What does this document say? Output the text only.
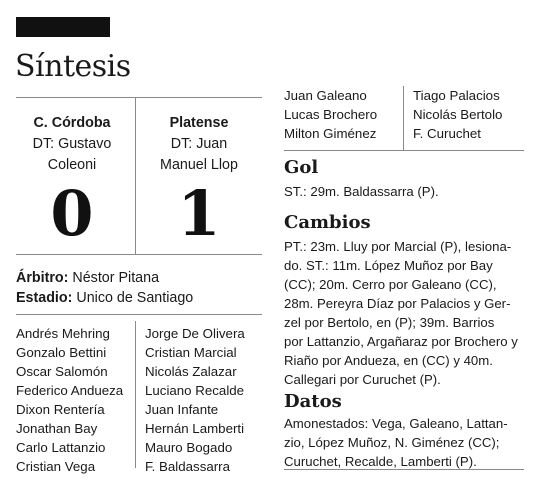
Síntesis
C. Córdoba
DT: Gustavo
Coleoni
Platense
DT: Juan
Manuel Llop
0	1
Árbitro: Néstor Pitana
Estadio: Unico de Santiago
Andrés Mehring
Gonzalo Bettini
Oscar Salomón
Federico Andueza
Dixon Rentería
Jonathan Bay
Carlo Lattanzio
Cristian Vega
Jorge De Olivera
Cristian Marcial
Nicolás Zalazar
Luciano Recalde
Juan Infante
Hernán Lamberti
Mauro Bogado
F. Baldassarra
Juan Galeano
Lucas Brochero
Milton Giménez
Tiago Palacios
Nicolás Bertolo
F. Curuchet
Gol

ST.: 29m. Baldassarra (P).

Cambios

PT.: 23m. Lluy por Marcial (P), lesiona-
do. ST.: 11m. López Muñoz por Bay
(CC); 20m. Cerro por Galeano (CC),
28m. Pereyra Díaz por Palacios y Ger-
zel por Bertolo, en (P); 39m. Barrios
por Lattanzio, Argañaraz por Brochero y
Riaño por Andueza, en (CC) y 40m.
Callegari por Curuchet (P).

Datos

Amonestados: Vega, Galeano, Lattan-
zio, López Muñoz, N. Giménez (CC);
Curuchet, Recalde, Lamberti (P).
